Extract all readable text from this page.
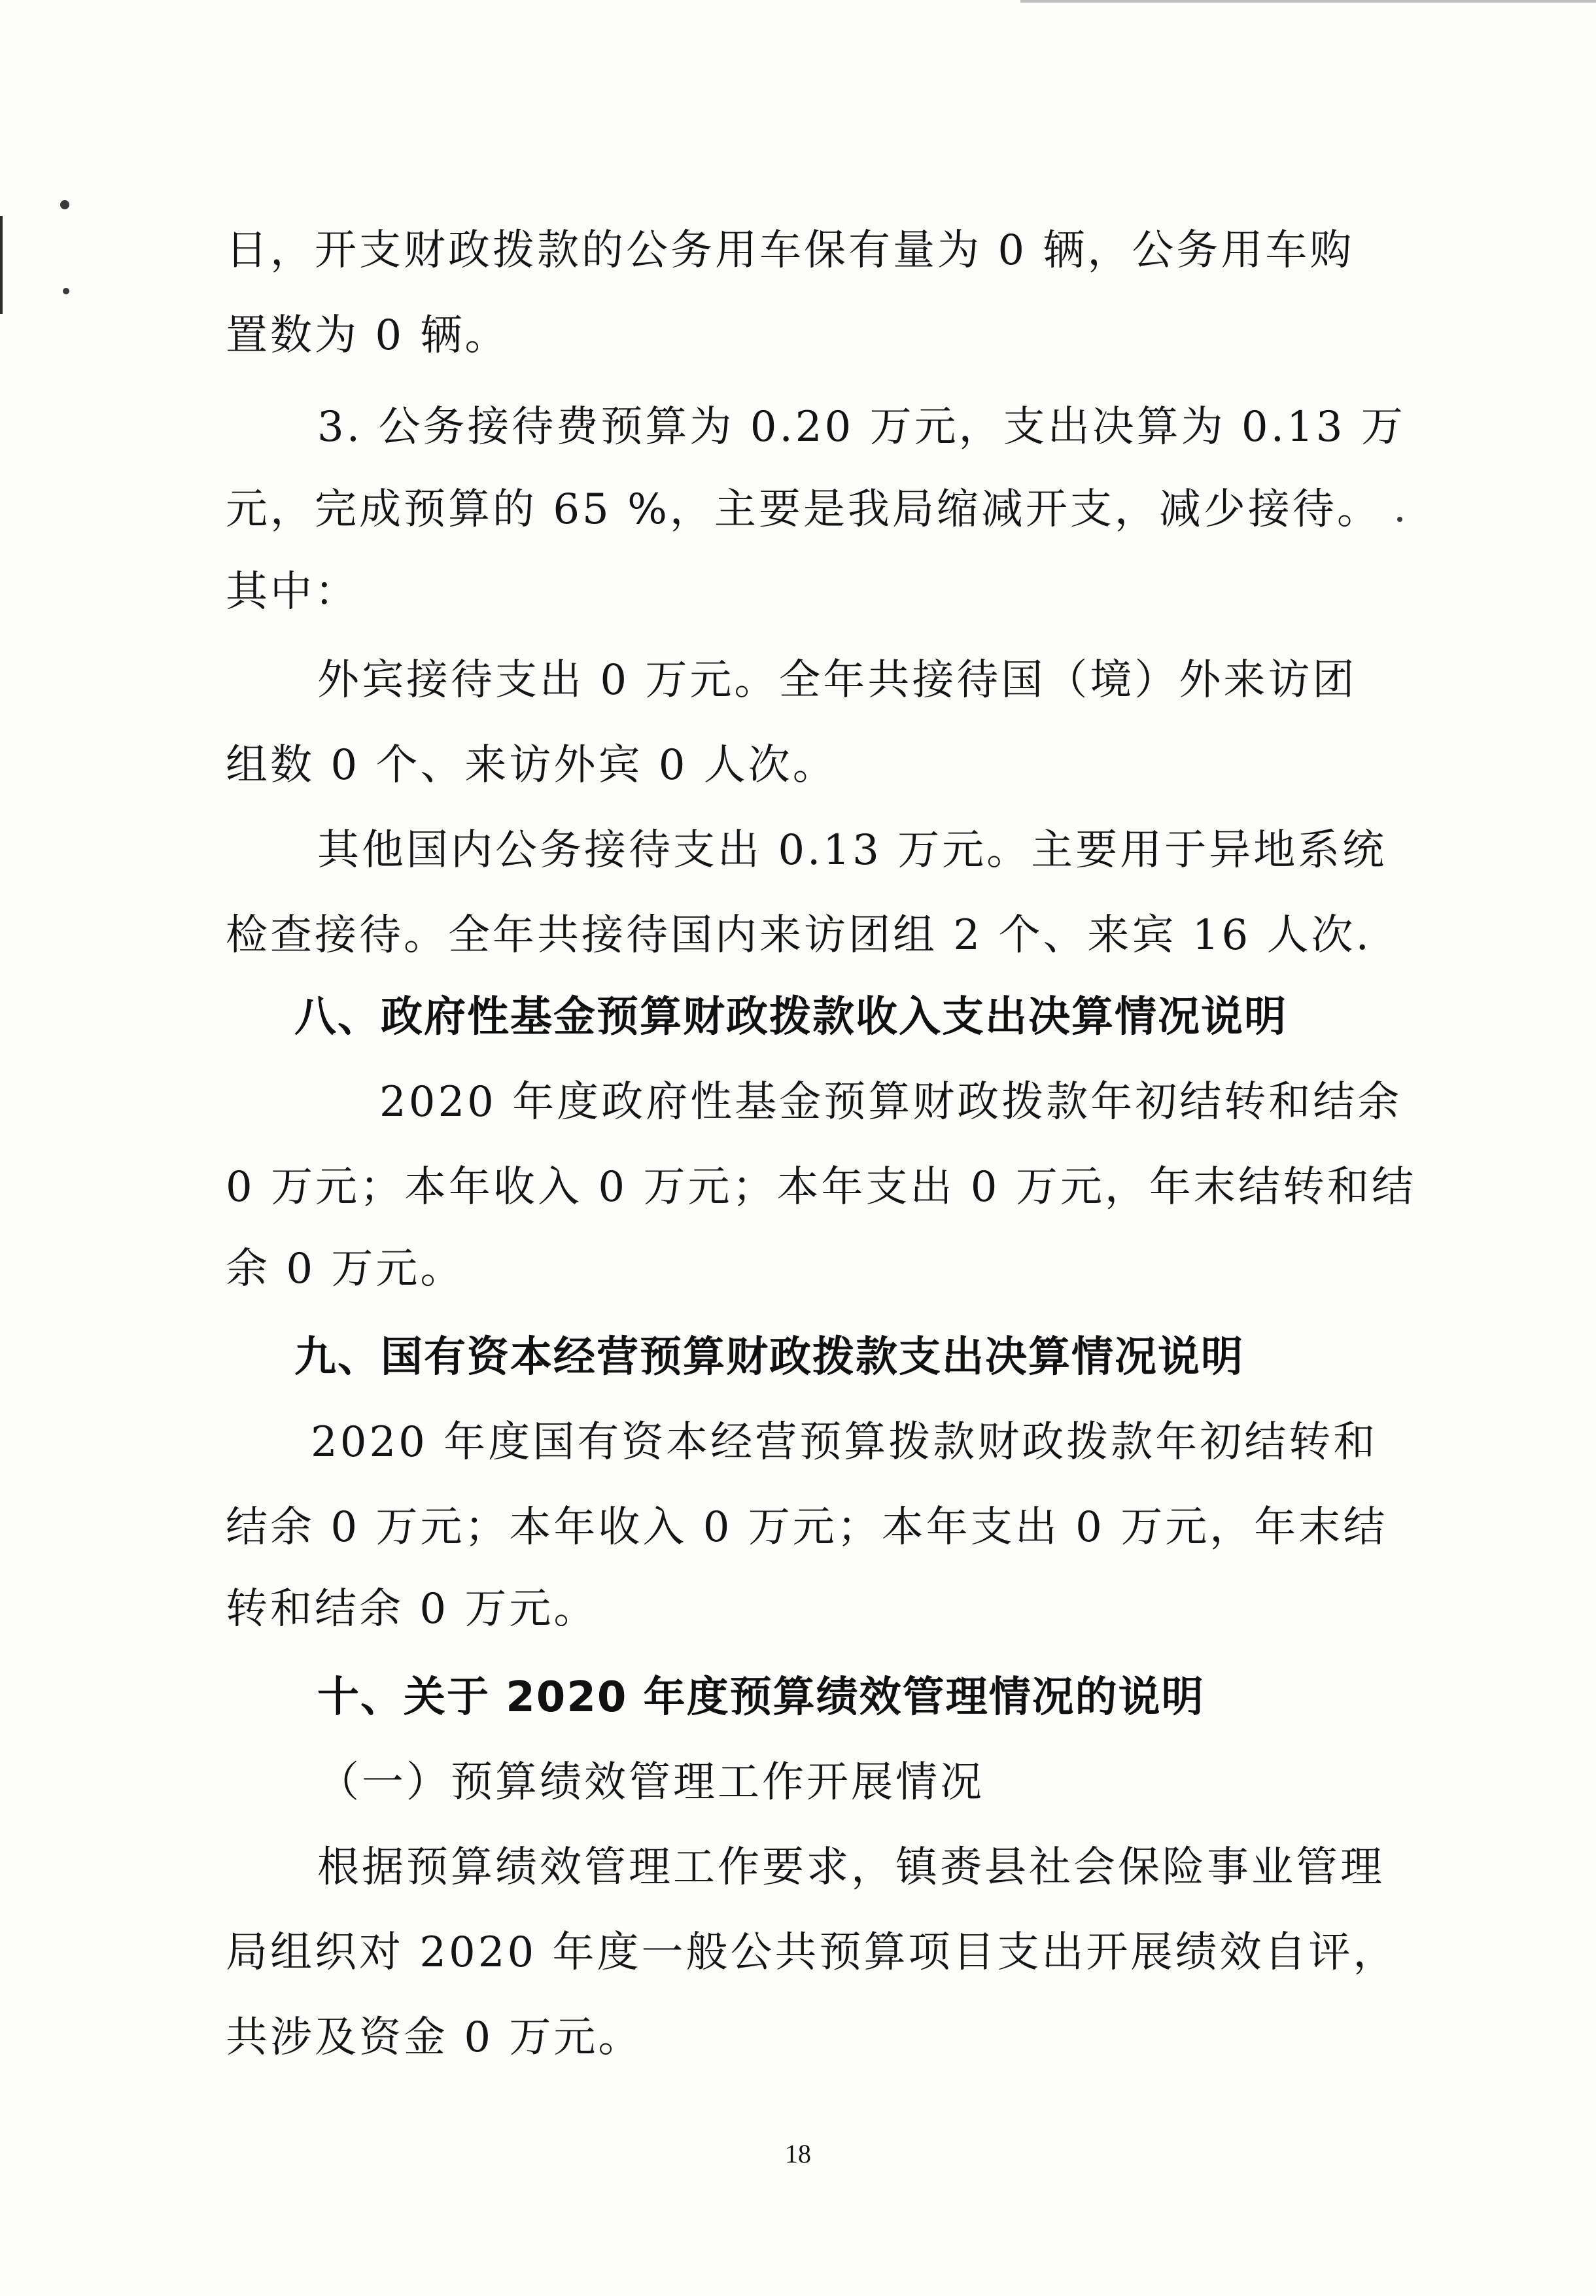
日，开支财政拨款的公务用车保有量为 0 辆，公务用车购
置数为 0 辆。
3. 公务接待费预算为 0.20 万元，支出决算为 0.13 万
元，完成预算的 65 %，主要是我局缩减开支，减少接待。
其中：
外宾接待支出 0 万元。全年共接待国（境）外来访团
组数 0 个、来访外宾 0 人次。
其他国内公务接待支出 0.13 万元。主要用于异地系统
检查接待。全年共接待国内来访团组 2 个、来宾 16 人次.
八、政府性基金预算财政拨款收入支出决算情况说明
2020 年度政府性基金预算财政拨款年初结转和结余
0 万元；本年收入 0 万元；本年支出 0 万元，年末结转和结
余 0 万元。
九、国有资本经营预算财政拨款支出决算情况说明
2020 年度国有资本经营预算拨款财政拨款年初结转和
结余 0 万元；本年收入 0 万元；本年支出 0 万元，年末结
转和结余 0 万元。
十、关于 2020 年度预算绩效管理情况的说明
（一）预算绩效管理工作开展情况
根据预算绩效管理工作要求，镇赉县社会保险事业管理
局组织对 2020 年度一般公共预算项目支出开展绩效自评，
共涉及资金 0 万元。
18
